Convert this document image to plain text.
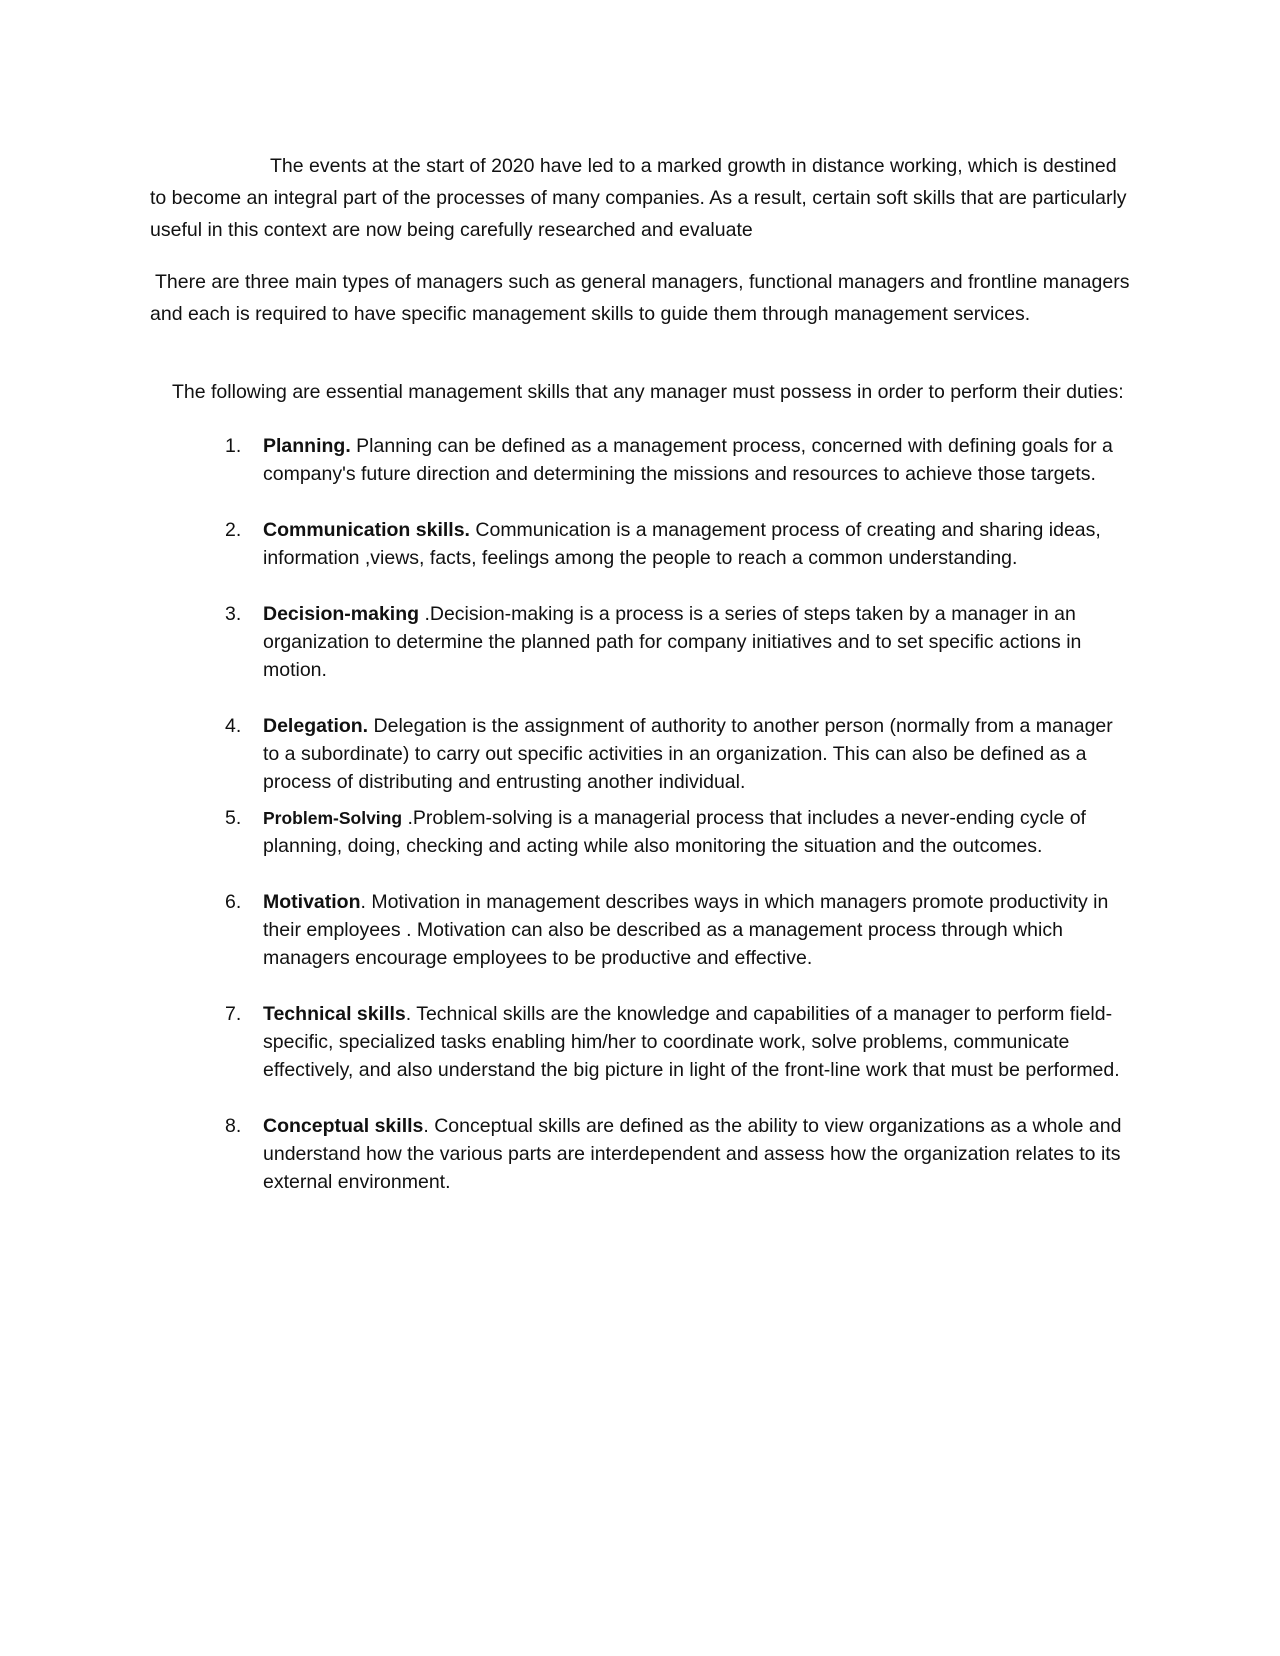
The events at the start of 2020 have led to a marked growth in distance working, which is destined to become an integral part of the processes of many companies. As a result, certain soft skills that are particularly useful in this context are now being carefully researched and evaluate

There are three main types of managers such as general managers, functional managers and frontline managers and each is required to have specific management skills to guide them through management services.

The following are essential management skills that any manager must possess in order to perform their duties:

1. Planning. Planning can be defined as a management process, concerned with defining goals for a company's future direction and determining the missions and resources to achieve those targets.
2. Communication skills. Communication is a management process of creating and sharing ideas, information ,views, facts, feelings among the people to reach a common understanding.
3. Decision-making .Decision-making is a process is a series of steps taken by a manager in an organization to determine the planned path for company initiatives and to set specific actions in motion.
4. Delegation. Delegation is the assignment of authority to another person (normally from a manager to a subordinate) to carry out specific activities in an organization. This can also be defined as a process of distributing and entrusting another individual.
5. Problem-Solving .Problem-solving is a managerial process that includes a never-ending cycle of planning, doing, checking and acting while also monitoring the situation and the outcomes.
6. Motivation. Motivation in management describes ways in which managers promote productivity in their employees . Motivation can also be described as a management process through which managers encourage employees to be productive and effective.
7. Technical skills. Technical skills are the knowledge and capabilities of a manager to perform field-specific, specialized tasks enabling him/her to coordinate work, solve problems, communicate effectively, and also understand the big picture in light of the front-line work that must be performed.
8. Conceptual skills. Conceptual skills are defined as the ability to view organizations as a whole and understand how the various parts are interdependent and assess how the organization relates to its external environment.
